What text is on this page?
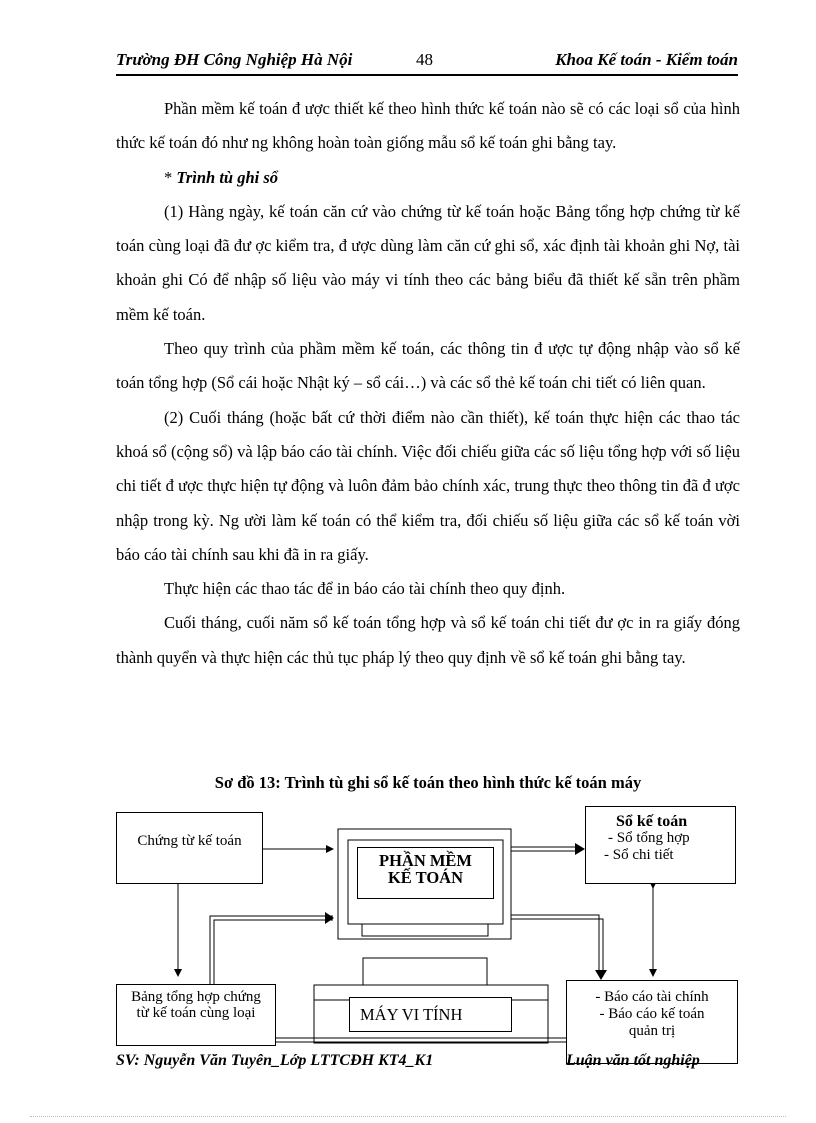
Trường ĐH Công Nghiệp Hà Nội	48	Khoa Kế toán - Kiểm toán

Phần mềm kế toán đ ược thiết kế theo hình thức kế toán nào sẽ có các loại sổ của hình thức kế toán đó như ng không hoàn toàn giống mẫu sổ kế toán ghi bằng tay.

* Trình tù ghi sổ

(1) Hàng ngày, kế toán căn cứ vào chứng từ kế toán hoặc Bảng tổng hợp chứng từ kế toán cùng loại đã đư ợc kiểm tra, đ ược dùng làm căn cứ ghi sổ, xác định tài khoản ghi Nợ, tài khoản ghi Có để nhập số liệu vào máy vi tính theo các bảng biểu đã thiết kế sẵn trên phầm mềm kế toán.

Theo quy trình của phầm mềm kế toán, các thông tin đ ược tự động nhập vào sổ kế toán tổng hợp (Sổ cái hoặc Nhật ký – sổ cái…) và các sổ thẻ kế toán chi tiết có liên quan.

(2) Cuối tháng (hoặc bất cứ thời điểm nào cần thiết), kế toán thực hiện các thao tác khoá sổ (cộng sổ) và lập báo cáo tài chính. Việc đối chiếu giữa các số liệu tổng hợp với số liệu chi tiết đ ược thực hiện tự động và luôn đảm bảo chính xác, trung thực theo thông tin đã đ ược nhập trong kỳ. Ng ười làm kế toán có thể kiểm tra, đối chiếu số liệu giữa các sổ kế toán vời báo cáo tài chính sau khi đã in ra giấy.

Thực hiện các thao tác để in báo cáo tài chính theo quy định.

Cuối tháng, cuối năm sổ kế toán tổng hợp và sổ kế toán chi tiết đư ợc in ra giấy đóng thành quyển và thực hiện các thủ tục pháp lý theo quy định về sổ kế toán ghi bằng tay.

Sơ đồ 13: Trình tù ghi sổ kế toán theo hình thức kế toán máy
Chứng từ kế toán
PHẦN MỀM KẾ TOÁN
Sổ kế toán
- Sổ tổng hợp
- Sổ chi tiết
Bảng tổng hợp chứng từ kế toán cùng loại	MÁY VI TÍNH
- Báo cáo tài chính
- Báo cáo kế toán quản trị
SV: Nguyễn Văn Tuyên_Lớp LTTCĐH KT4_K1	Luận văn tốt nghiệp
